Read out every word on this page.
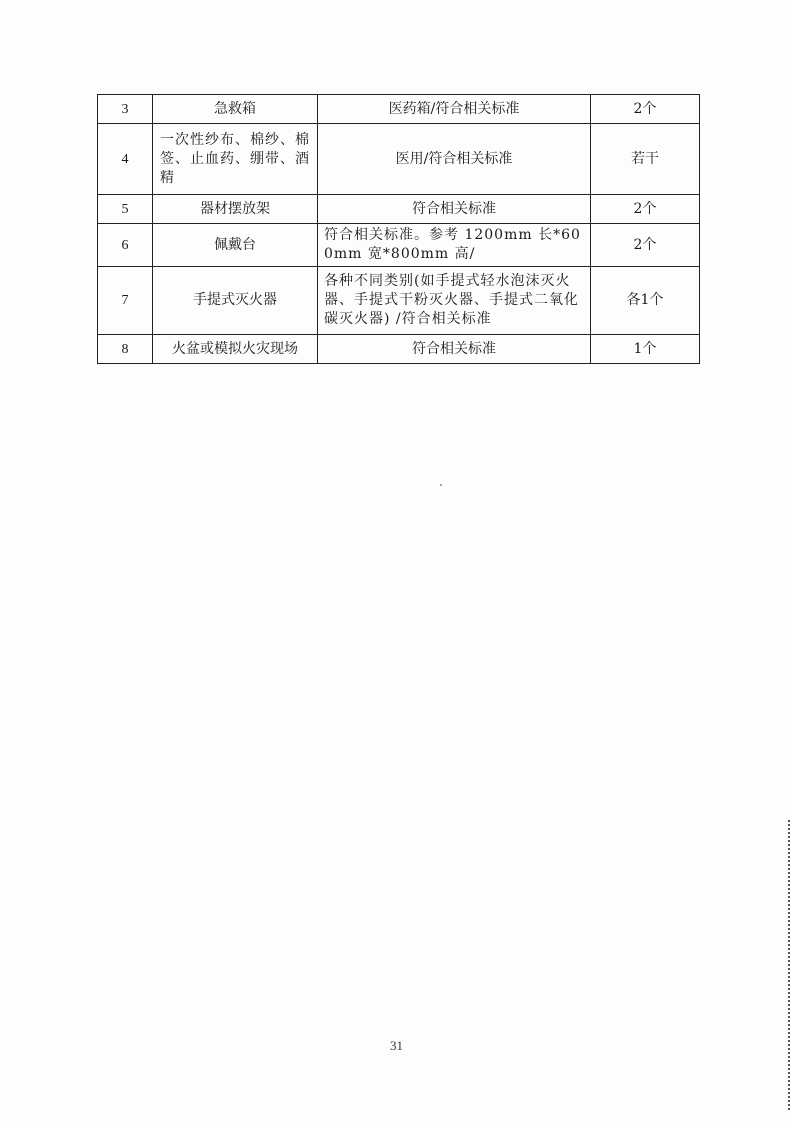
3	急救箱	医药箱/符合相关标准	2个
4	一次性纱布、棉纱、棉签、止血药、绷带、酒精	医用/符合相关标准	若干
5	器材摆放架	符合相关标准	2个
6	佩戴台	符合相关标准。参考 1200mm 长*600mm 宽*800mm 高/	2个
7	手提式灭火器	各种不同类别(如手提式轻水泡沫灭火器、手提式干粉灭火器、手提式二氧化碳灭火器) /符合相关标准	各1个
8	火盆或模拟火灾现场	符合相关标准	1个
31
